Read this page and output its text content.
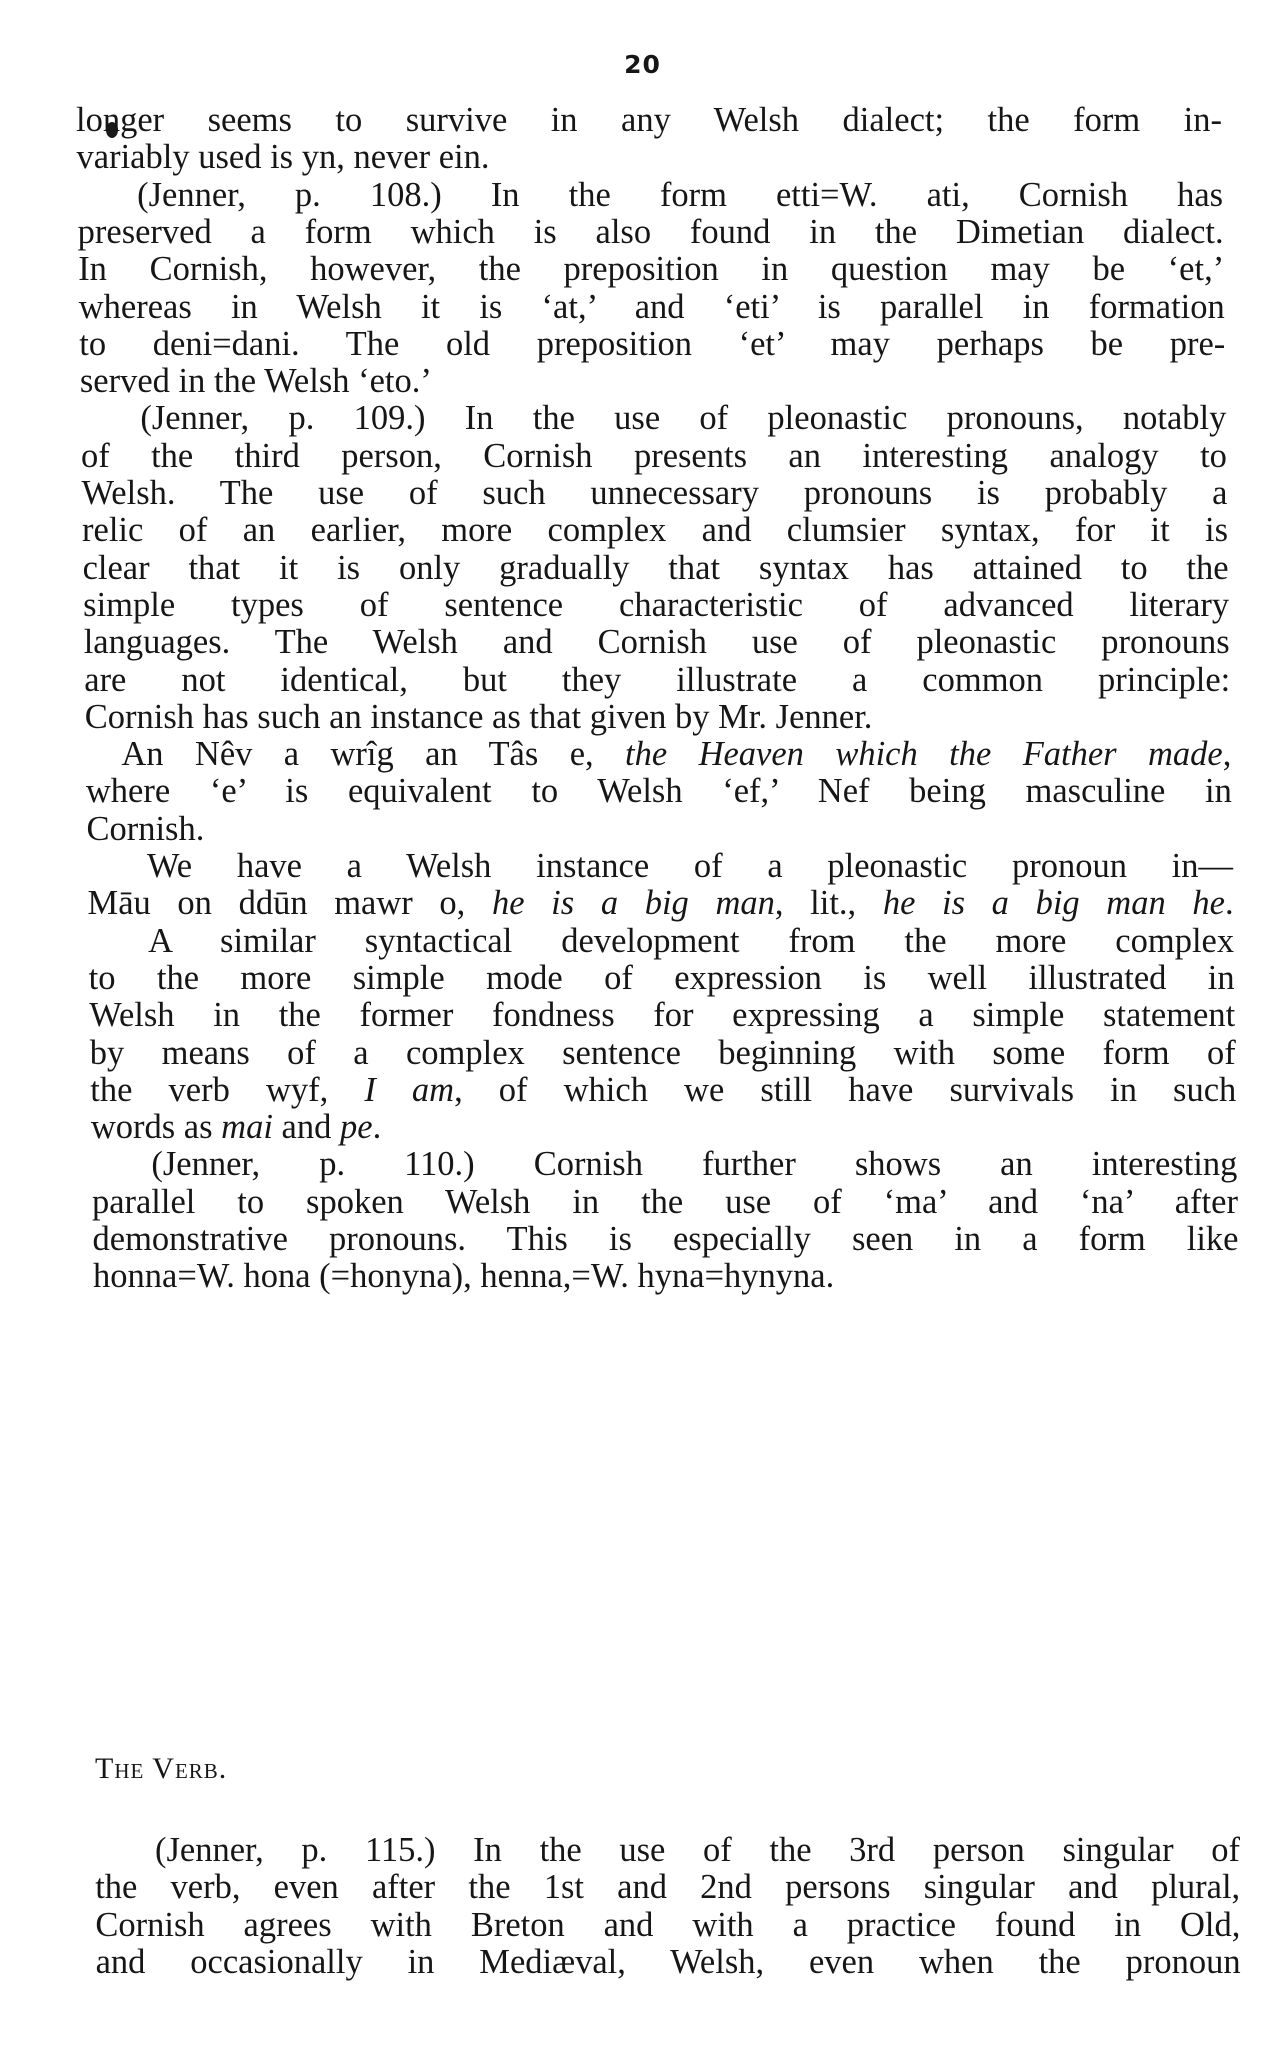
20
longer seems to survive in any Welsh dialect; the form in-
variably used is yn, never ein.
(Jenner, p. 108.) In the form etti=W. ati, Cornish has
preserved a form which is also found in the Dimetian dialect.
In Cornish, however, the preposition in question may be ‘et,’
whereas in Welsh it is ‘at,’ and ‘eti’ is parallel in formation
to deni=dani. The old preposition ‘et’ may perhaps be pre-
served in the Welsh ‘eto.’
(Jenner, p. 109.) In the use of pleonastic pronouns, notably
of the third person, Cornish presents an interesting analogy to
Welsh. The use of such unnecessary pronouns is probably a
relic of an earlier, more complex and clumsier syntax, for it is
clear that it is only gradually that syntax has attained to the
simple types of sentence characteristic of advanced literary
languages. The Welsh and Cornish use of pleonastic pronouns
are not identical, but they illustrate a common principle:
Cornish has such an instance as that given by Mr. Jenner.
An Nêv a wrîg an Tâs e, the Heaven which the Father made,
where ‘e’ is equivalent to Welsh ‘ef,’ Nef being masculine in
Cornish.
We have a Welsh instance of a pleonastic pronoun in—
Māu on ddūn mawr o, he is a big man, lit., he is a big man he.
A similar syntactical development from the more complex
to the more simple mode of expression is well illustrated in
Welsh in the former fondness for expressing a simple statement
by means of a complex sentence beginning with some form of
the verb wyf, I am, of which we still have survivals in such
words as mai and pe.
(Jenner, p. 110.) Cornish further shows an interesting
parallel to spoken Welsh in the use of ‘ma’ and ‘na’ after
demonstrative pronouns. This is especially seen in a form like
honna=W. hona (=honyna), henna,=W. hyna=hynyna.
The Verb.
(Jenner, p. 115.) In the use of the 3rd person singular of
the verb, even after the 1st and 2nd persons singular and plural,
Cornish agrees with Breton and with a practice found in Old,
and occasionally in Mediæval, Welsh, even when the pronoun
